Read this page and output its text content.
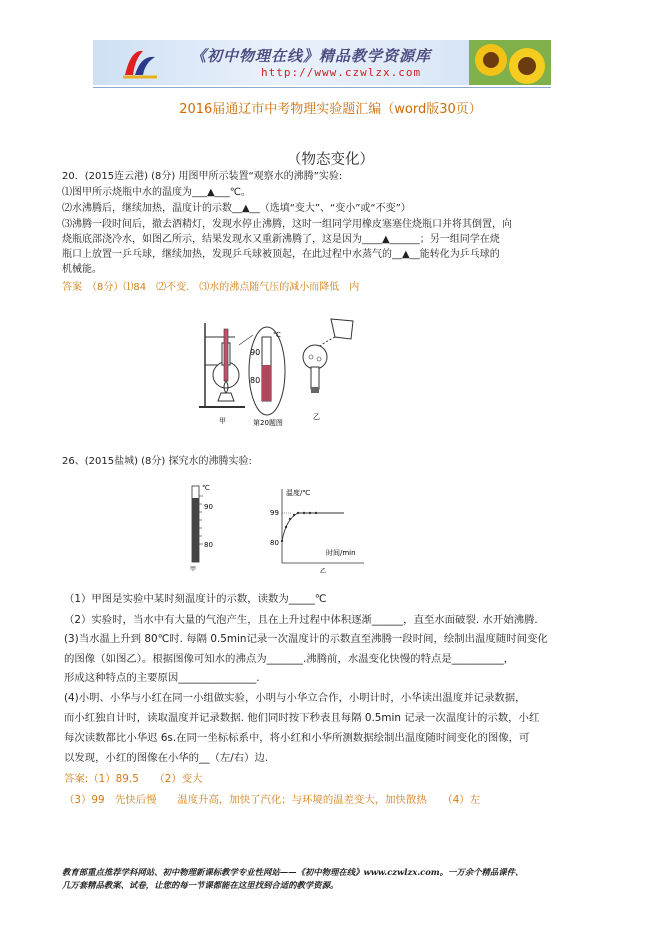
《初中物理在线》精品教学资源库
http://www.czwlzx.com
2016届通辽市中考物理实验题汇编（word版30页）
（物态变化）
20．(2015连云港) (8分) 用图甲所示装置“观察水的沸腾”实验:
⑴图甲所示烧瓶中水的温度为___▲___℃。
⑵水沸腾后，继续加热，温度计的示数__▲__（选填“变大”、“变小”或“不变”）
⑶沸腾一段时间后，撤去酒精灯，发现水停止沸腾，这时一组同学用橡皮塞塞住烧瓶口并将其倒置，向
烧瓶底部浇冷水，如图乙所示，结果发现水又重新沸腾了，这是因为____▲______；另一组同学在烧
瓶口上放置一乒乓球，继续加热，发现乒乓球被顶起，在此过程中水蒸气的__▲__能转化为乒乓球的
机械能。
答案　（8分）⑴84　⑵不变.　⑶水的沸点随气压的减小而降低　内
90
80
℃
甲	乙
第20题图
26、(2015盐城) (8分) 探究水的沸腾实验:
℃
90
80
甲
温度/℃
时间/min
99
80
乙
（1）甲图是实验中某时刻温度计的示数，读数为_____℃
（2）实验时，当水中有大量的气泡产生，且在上升过程中体积逐渐______，直至水面破裂. 水开始沸腾.
(3)当水温上升到 80℃时. 每隔 0.5min记录一次温度计的示数直至沸腾一段时间，绘制出温度随时间变化
的图像（如图乙）。根据图像可知水的沸点为_______.沸腾前，水温变化快慢的特点是__________，
形成这种特点的主要原因_______________.
(4)小明、小华与小红在同一小组做实验，小明与小华立合作，小明计时，小华读出温度并记录数据，
而小红独自计时，读取温度并记录数据. 他们同时按下秒表且每隔 0.5min 记录一次温度计的示数，小红
每次读数都比小华迟 6s.在同一坐标标系中，将小红和小华所测数据绘制出温度随时间变化的图像，可
以发现，小红的图像在小华的__（左/右）边.
答案:（1）89.5　　（2）变大
（3）99　先快后慢　　温度升高，加快了汽化；与环境的温差变大，加快散热　　（4）左
教育部重点推荐学科网站、初中物理新课标教学专业性网站——《初中物理在线》www.czwlzx.com。一万余个精品课件、
几万套精品教案、试卷，让您的每一节课都能在这里找到合适的教学资源。
